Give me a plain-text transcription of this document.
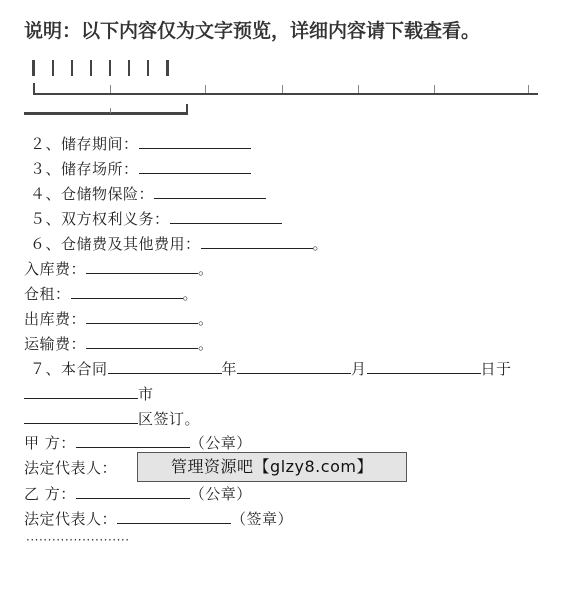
说明：以下内容仅为文字预览，详细内容请下载查看。
２、储存期间：
３、储存场所：
４、仓储物保险：
５、双方权利义务：
６、仓储费及其他费用：	。
入库费：	。
仓租：	。
出库费：	。
运输费：	。
７、本合同	年	月	日于
市
区签订。
甲 方：	（公章）
法定代表人：	管理资源吧【glzy8.com】
乙 方：	（公章）
法定代表人：	（签章）
························
